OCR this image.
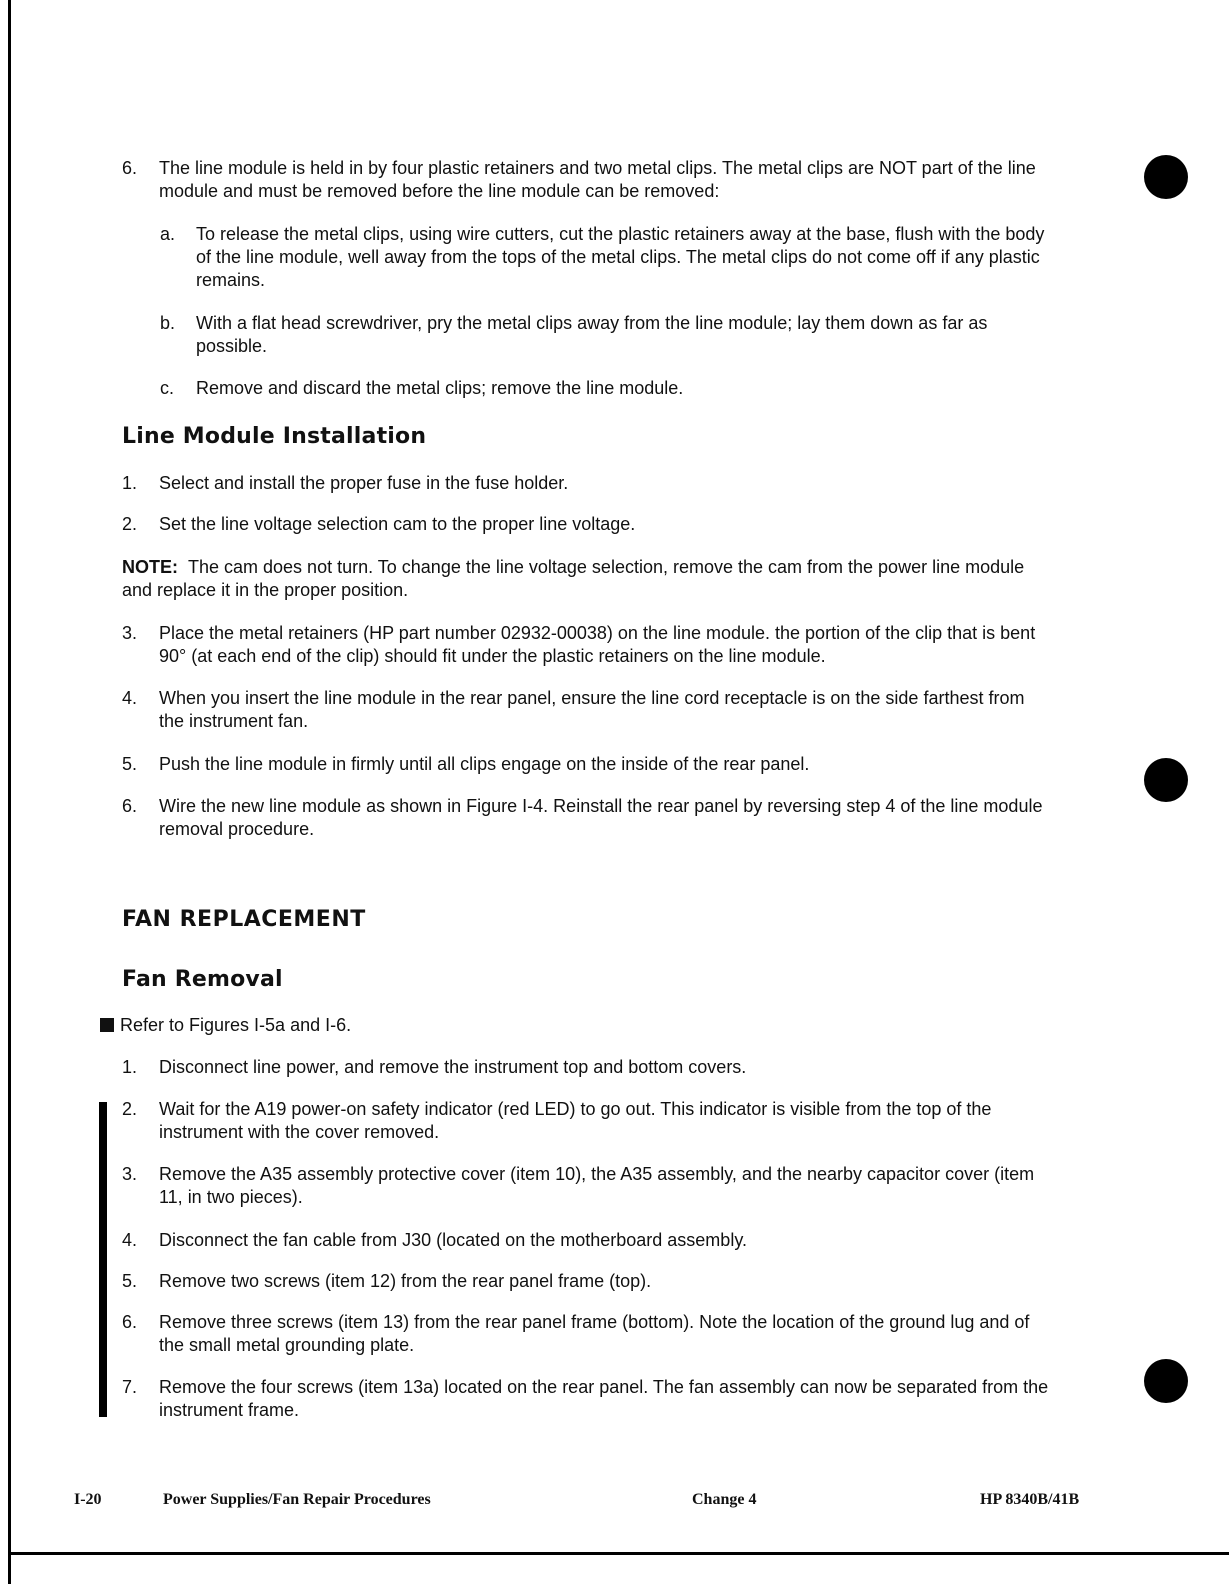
6. The line module is held in by four plastic retainers and two metal clips. The metal clips are NOT part of the line module and must be removed before the line module can be removed:
a. To release the metal clips, using wire cutters, cut the plastic retainers away at the base, flush with the body of the line module, well away from the tops of the metal clips. The metal clips do not come off if any plastic remains.
b. With a flat head screwdriver, pry the metal clips away from the line module; lay them down as far as possible.
c. Remove and discard the metal clips; remove the line module.
Line Module Installation
1. Select and install the proper fuse in the fuse holder.
2. Set the line voltage selection cam to the proper line voltage.
NOTE: The cam does not turn. To change the line voltage selection, remove the cam from the power line module and replace it in the proper position.
3. Place the metal retainers (HP part number 02932-00038) on the line module. the portion of the clip that is bent 90° (at each end of the clip) should fit under the plastic retainers on the line module.
4. When you insert the line module in the rear panel, ensure the line cord receptacle is on the side farthest from the instrument fan.
5. Push the line module in firmly until all clips engage on the inside of the rear panel.
6. Wire the new line module as shown in Figure I-4. Reinstall the rear panel by reversing step 4 of the line module removal procedure.
FAN REPLACEMENT
Fan Removal
Refer to Figures I-5a and I-6.
1. Disconnect line power, and remove the instrument top and bottom covers.
2. Wait for the A19 power-on safety indicator (red LED) to go out. This indicator is visible from the top of the instrument with the cover removed.
3. Remove the A35 assembly protective cover (item 10), the A35 assembly, and the nearby capacitor cover (item 11, in two pieces).
4. Disconnect the fan cable from J30 (located on the motherboard assembly.
5. Remove two screws (item 12) from the rear panel frame (top).
6. Remove three screws (item 13) from the rear panel frame (bottom). Note the location of the ground lug and of the small metal grounding plate.
7. Remove the four screws (item 13a) located on the rear panel. The fan assembly can now be separated from the instrument frame.
I-20	Power Supplies/Fan Repair Procedures	Change 4	HP 8340B/41B
